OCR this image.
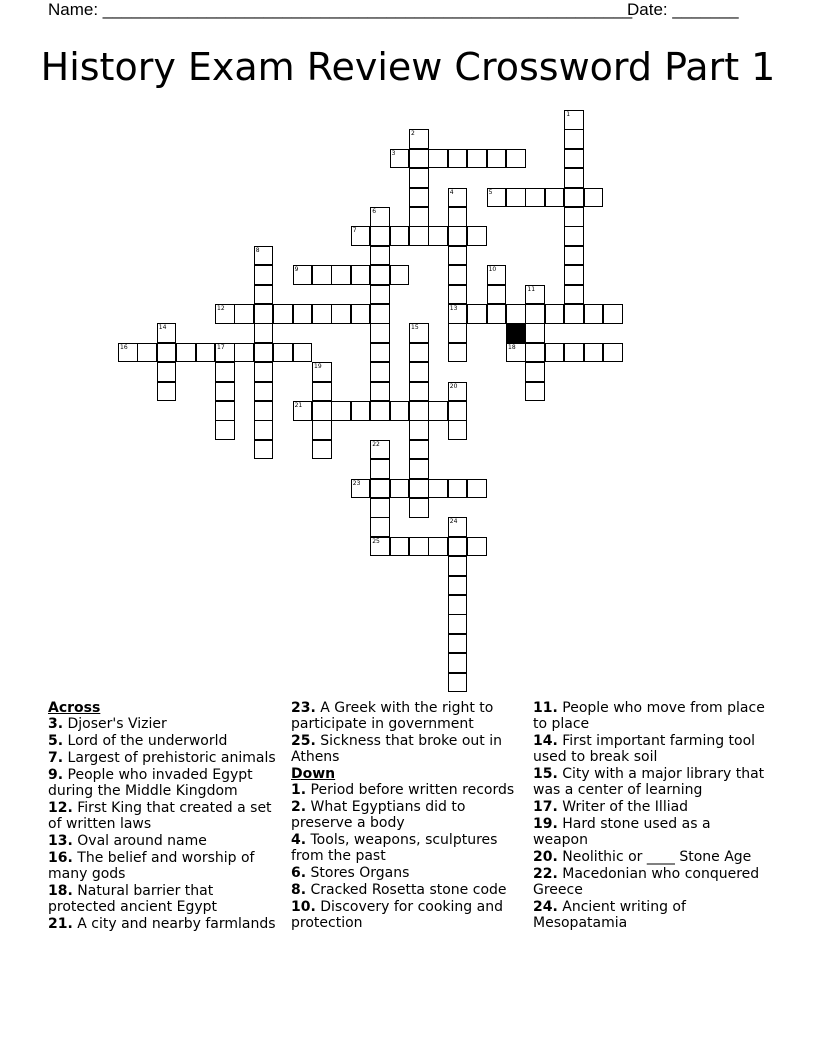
Name: ________________________________________________________
Date: _______
History Exam Review Crossword Part 1
1
2
3
4
13
5
6
7
8
9	10
11
12
14	15
16	17	18
19
20
21
22
25
23
24
Across
3. Djoser's Vizier
5. Lord of the underworld
7. Largest of prehistoric animals
9. People who invaded Egypt during the Middle Kingdom
12. First King that created a set of written laws
13. Oval around name
16. The belief and worship of many gods
18. Natural barrier that protected ancient Egypt
21. A city and nearby farmlands
23. A Greek with the right to participate in government
25. Sickness that broke out in Athens
Down
1. Period before written records
2. What Egyptians did to preserve a body
4. Tools, weapons, sculptures from the past
6. Stores Organs
8. Cracked Rosetta stone code
10. Discovery for cooking and protection
11. People who move from place to place
14. First important farming tool used to break soil
15. City with a major library that was a center of learning
17. Writer of the Illiad
19. Hard stone used as a weapon
20. Neolithic or ____ Stone Age
22. Macedonian who conquered Greece
24. Ancient writing of Mesopatamia
